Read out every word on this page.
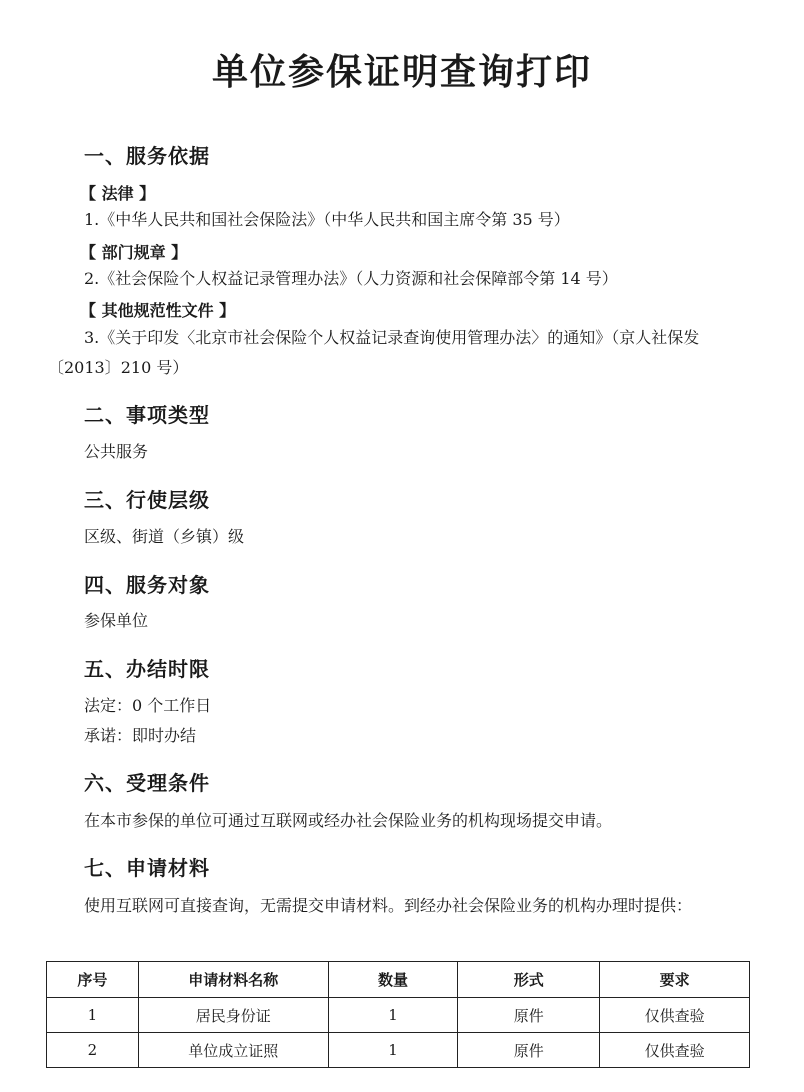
单位参保证明查询打印
一、服务依据

【 法律 】

1.《中华人民共和国社会保险法》（中华人民共和国主席令第 35 号）

【 部门规章 】

2.《社会保险个人权益记录管理办法》（人力资源和社会保障部令第 14 号）

【 其他规范性文件 】

3.《关于印发〈北京市社会保险个人权益记录查询使用管理办法〉的通知》（京人社保发〔2013〕210 号）

二、事项类型

公共服务

三、行使层级

区级、街道（乡镇）级

四、服务对象

参保单位

五、办结时限

法定：0 个工作日

承诺：即时办结

六、受理条件

在本市参保的单位可通过互联网或经办社会保险业务的机构现场提交申请。

七、申请材料

使用互联网可直接查询，无需提交申请材料。到经办社会保险业务的机构办理时提供：

序号	申请材料名称	数量	形式	要求
1	居民身份证	1	原件	仅供查验
2	单位成立证照	1	原件	仅供查验
